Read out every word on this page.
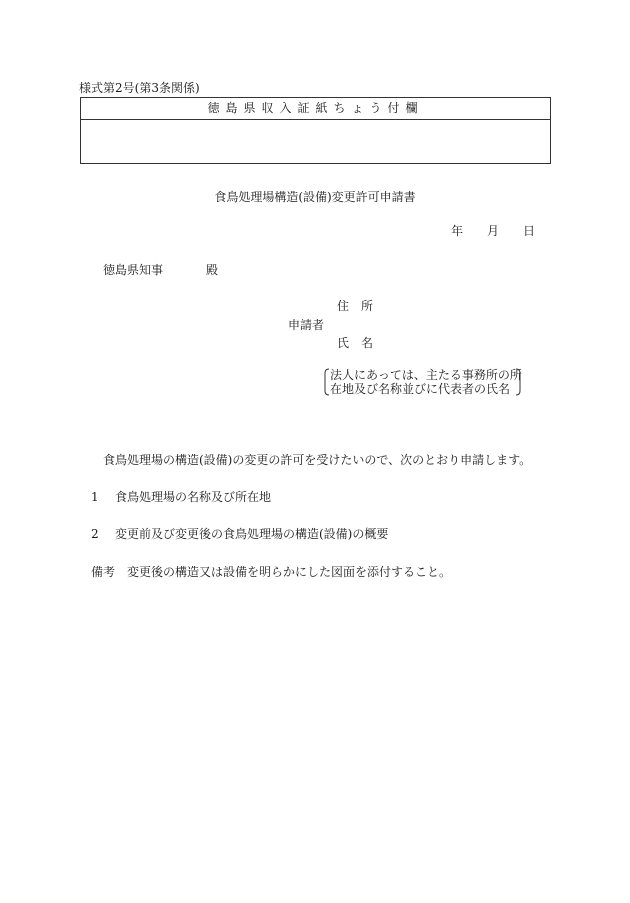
様式第2号(第3条関係)
徳島県収入証紙ちょう付欄
食鳥処理場構造(設備)変更許可申請書
年 月 日
徳島県知事	殿
住　所
申請者
氏　名
法人にあっては、主たる事務所の所
在地及び名称並びに代表者の氏名
食鳥処理場の構造(設備)の変更の許可を受けたいので、次のとおり申請します。
1 食鳥処理場の名称及び所在地
2 変更前及び変更後の食鳥処理場の構造(設備)の概要
備考 変更後の構造又は設備を明らかにした図面を添付すること。
